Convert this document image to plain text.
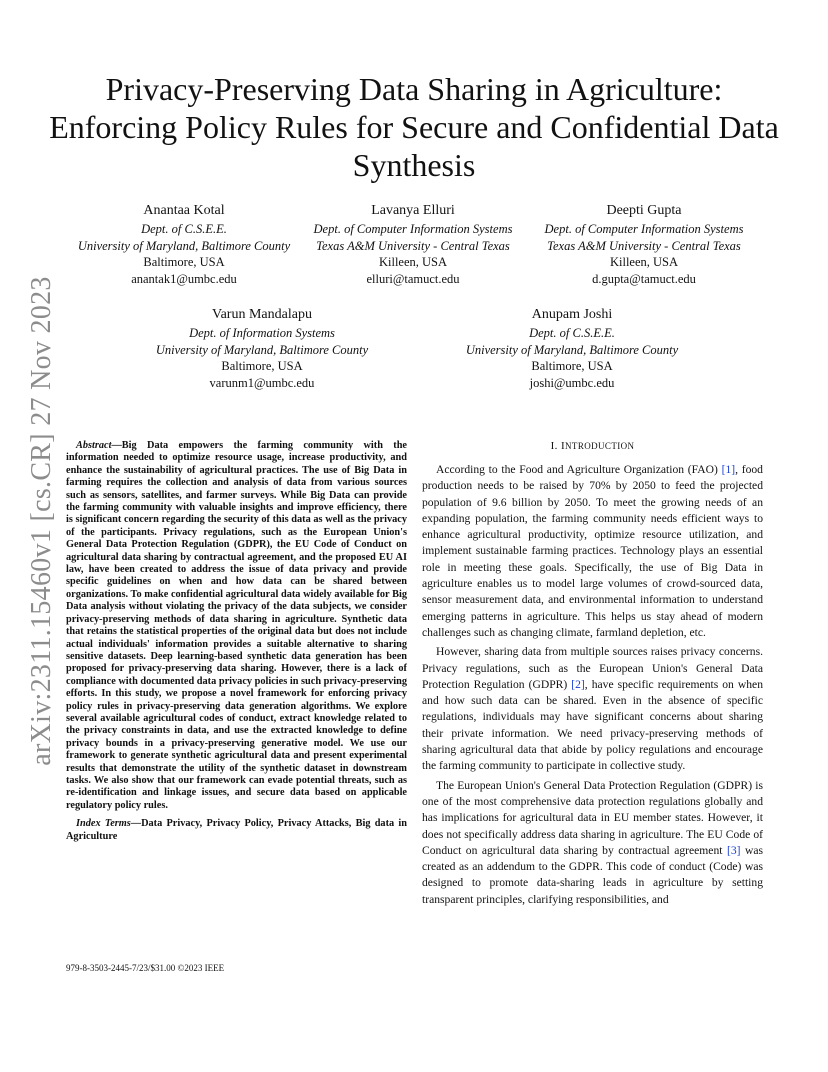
arXiv:2311.15460v1 [cs.CR] 27 Nov 2023
Privacy-Preserving Data Sharing in Agriculture: Enforcing Policy Rules for Secure and Confidential Data Synthesis
Anantaa Kotal
Dept. of C.S.E.E.
University of Maryland, Baltimore County
Baltimore, USA
anantak1@umbc.edu
Lavanya Elluri
Dept. of Computer Information Systems
Texas A&M University - Central Texas
Killeen, USA
elluri@tamuct.edu
Deepti Gupta
Dept. of Computer Information Systems
Texas A&M University - Central Texas
Killeen, USA
d.gupta@tamuct.edu
Varun Mandalapu
Dept. of Information Systems
University of Maryland, Baltimore County
Baltimore, USA
varunm1@umbc.edu
Anupam Joshi
Dept. of C.S.E.E.
University of Maryland, Baltimore County
Baltimore, USA
joshi@umbc.edu

Abstract—Big Data empowers the farming community with the information needed to optimize resource usage, increase productivity, and enhance the sustainability of agricultural practices. The use of Big Data in farming requires the collection and analysis of data from various sources such as sensors, satellites, and farmer surveys. While Big Data can provide the farming community with valuable insights and improve efficiency, there is significant concern regarding the security of this data as well as the privacy of the participants. Privacy regulations, such as the European Union's General Data Protection Regulation (GDPR), the EU Code of Conduct on agricultural data sharing by contractual agreement, and the proposed EU AI law, have been created to address the issue of data privacy and provide specific guidelines on when and how data can be shared between organizations. To make confidential agricultural data widely available for Big Data analysis without violating the privacy of the data subjects, we consider privacy-preserving methods of data sharing in agriculture. Synthetic data that retains the statistical properties of the original data but does not include actual individuals' information provides a suitable alternative to sharing sensitive datasets. Deep learning-based synthetic data generation has been proposed for privacy-preserving data sharing. However, there is a lack of compliance with documented data privacy policies in such privacy-preserving efforts. In this study, we propose a novel framework for enforcing privacy policy rules in privacy-preserving data generation algorithms. We explore several available agricultural codes of conduct, extract knowledge related to the privacy constraints in data, and use the extracted knowledge to define privacy bounds in a privacy-preserving generative model. We use our framework to generate synthetic agricultural data and present experimental results that demonstrate the utility of the synthetic dataset in downstream tasks. We also show that our framework can evade potential threats, such as re-identification and linkage issues, and secure data based on applicable regulatory policy rules.

Index Terms—Data Privacy, Privacy Policy, Privacy Attacks, Big data in Agriculture

979-8-3503-2445-7/23/$31.00 ©2023 IEEE
I. INTRODUCTION

According to the Food and Agriculture Organization (FAO) [1], food production needs to be raised by 70% by 2050 to feed the projected population of 9.6 billion by 2050. To meet the growing needs of an expanding population, the farming community needs efficient ways to enhance agricultural productivity, optimize resource utilization, and implement sustainable farming practices. Technology plays an essential role in meeting these goals. Specifically, the use of Big Data in agriculture enables us to model large volumes of crowd-sourced data, sensor measurement data, and environmental information to understand emerging patterns in agriculture. This helps us stay ahead of modern challenges such as changing climate, farmland depletion, etc.

However, sharing data from multiple sources raises privacy concerns. Privacy regulations, such as the European Union's General Data Protection Regulation (GDPR) [2], have specific requirements on when and how such data can be shared. Even in the absence of specific regulations, individuals may have significant concerns about sharing their private information. We need privacy-preserving methods of sharing agricultural data that abide by policy regulations and encourage the farming community to participate in collective study.

The European Union's General Data Protection Regulation (GDPR) is one of the most comprehensive data protection regulations globally and has implications for agricultural data in EU member states. However, it does not specifically address data sharing in agriculture. The EU Code of Conduct on agricultural data sharing by contractual agreement [3] was created as an addendum to the GDPR. This code of conduct (Code) was designed to promote data-sharing leads in agriculture by setting transparent principles, clarifying responsibilities, and
